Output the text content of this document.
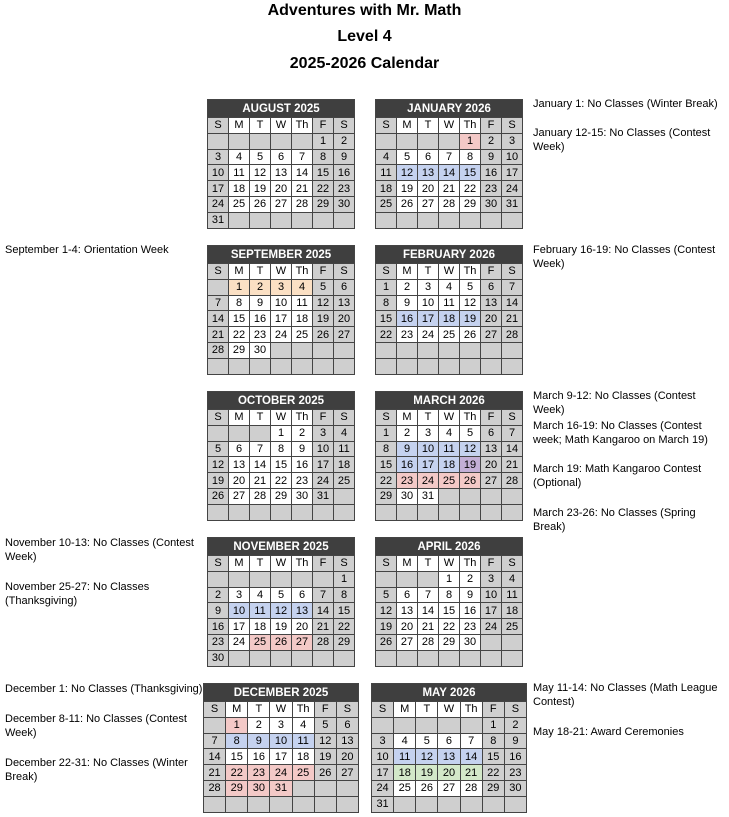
Adventures with Mr. Math
Level 4
2025-2026 Calendar
AUGUST 2025						
S	M	T	W	Th	F	S
					1	2
3	4	5	6	7	8	9
10	11	12	13	14	15	16
17	18	19	20	21	22	23
24	25	26	27	28	29	30
31						
SEPTEMBER 2025						
S	M	T	W	Th	F	S
	1	2	3	4	5	6
7	8	9	10	11	12	13
14	15	16	17	18	19	20
21	22	23	24	25	26	27
28	29	30				

OCTOBER 2025						
S	M	T	W	Th	F	S
			1	2	3	4
5	6	7	8	9	10	11
12	13	14	15	16	17	18
19	20	21	22	23	24	25
26	27	28	29	30	31	

NOVEMBER 2025						
S	M	T	W	Th	F	S
						1
2	3	4	5	6	7	8
9	10	11	12	13	14	15
16	17	18	19	20	21	22
23	24	25	26	27	28	29
30						
DECEMBER 2025						
S	M	T	W	Th	F	S
	1	2	3	4	5	6
7	8	9	10	11	12	13
14	15	16	17	18	19	20
21	22	23	24	25	26	27
28	29	30	31			

JANUARY 2026						
S	M	T	W	Th	F	S
				1	2	3
4	5	6	7	8	9	10
11	12	13	14	15	16	17
18	19	20	21	22	23	24
25	26	27	28	29	30	31

FEBRUARY 2026						
S	M	T	W	Th	F	S
1	2	3	4	5	6	7
8	9	10	11	12	13	14
15	16	17	18	19	20	21
22	23	24	25	26	27	28

MARCH 2026						
S	M	T	W	Th	F	S
1	2	3	4	5	6	7
8	9	10	11	12	13	14
15	16	17	18	19	20	21
22	23	24	25	26	27	28
29	30	31				

APRIL 2026						
S	M	T	W	Th	F	S
			1	2	3	4
5	6	7	8	9	10	11
12	13	14	15	16	17	18
19	20	21	22	23	24	25
26	27	28	29	30		

MAY 2026						
S	M	T	W	Th	F	S
					1	2
3	4	5	6	7	8	9
10	11	12	13	14	15	16
17	18	19	20	21	22	23
24	25	26	27	28	29	30
31						
September 1-4: Orientation Week
November 10-13: No Classes (Contest Week)
November 25-27: No Classes (Thanksgiving)
December 1: No Classes (Thanksgiving)
December 8-11: No Classes (Contest Week)
December 22-31: No Classes (Winter Break)
January 1: No Classes (Winter Break)
January 12-15: No Classes (Contest Week)
February 16-19: No Classes (Contest Week)
March 9-12: No Classes (Contest Week)
March 16-19: No Classes (Contest week; Math Kangaroo on March 19)
March 19: Math Kangaroo Contest (Optional)
March 23-26: No Classes (Spring Break)
May 11-14: No Classes (Math League Contest)
May 18-21: Award Ceremonies
